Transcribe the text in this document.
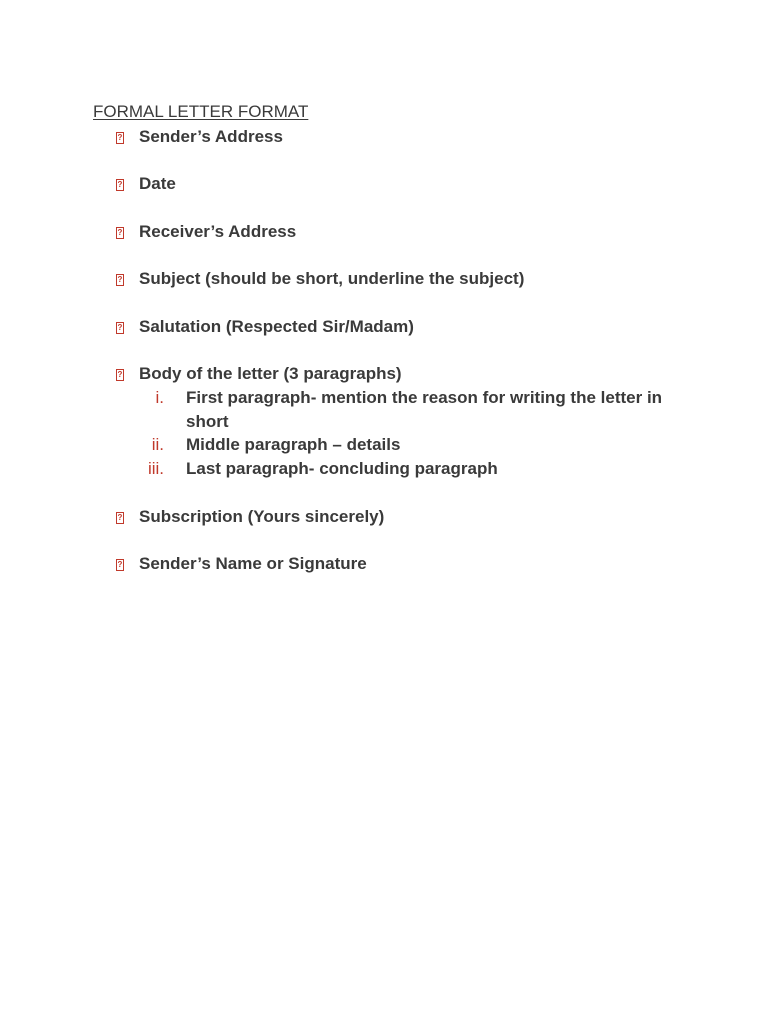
FORMAL LETTER FORMAT
?
Sender’s Address
?
Date
?
Receiver’s Address
?
Subject (should be short, underline the subject)
?
Salutation (Respected Sir/Madam)
?
Body of the letter (3 paragraphs)
i. First paragraph- mention the reason for writing the letter in short
ii. Middle paragraph – details
iii. Last paragraph- concluding paragraph
?
Subscription (Yours sincerely)
?
Sender’s Name or Signature
